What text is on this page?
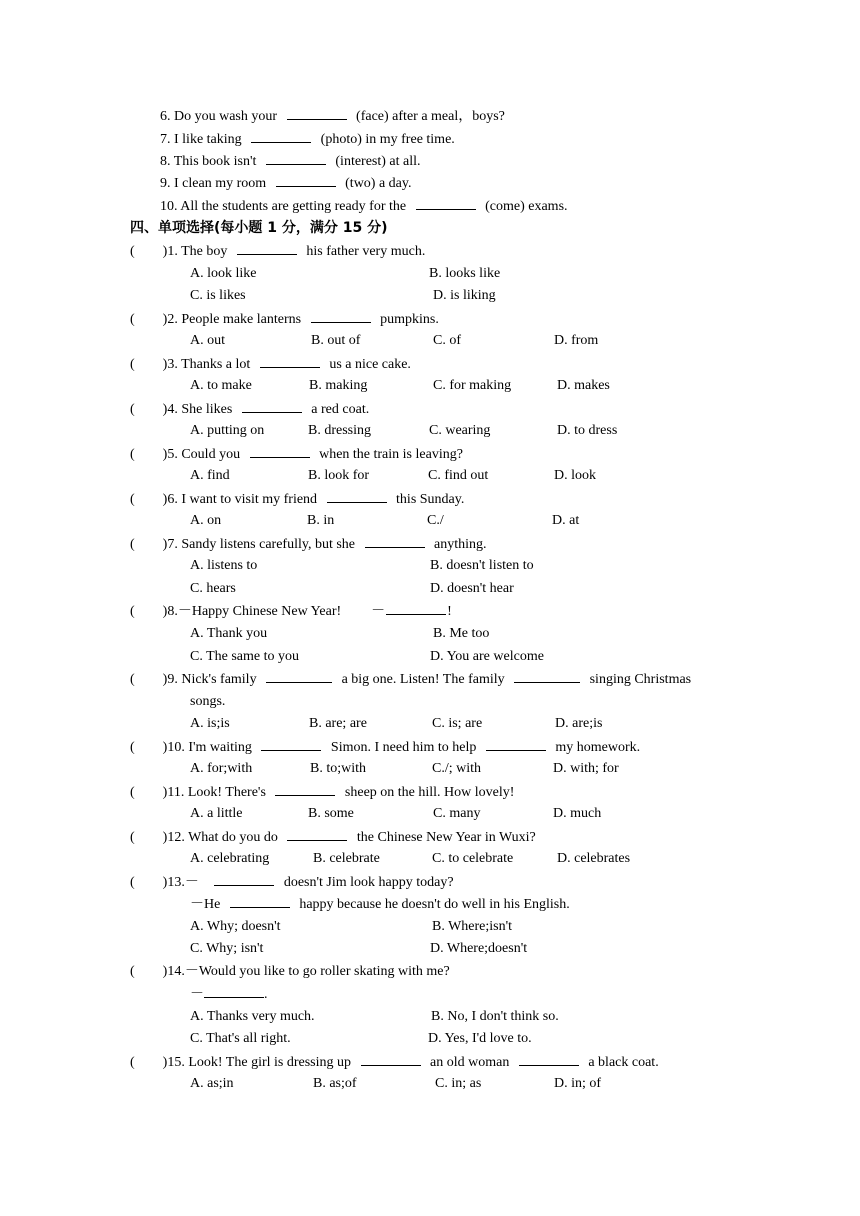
6. Do you wash your	(face) after a meal，boys?
7. I like taking	(photo) in my free time.
8. This book isn't	(interest) at all.
9. I clean my room	(two) a day.
10. All the students are getting ready for the	(come) exams.
四、单项选择(每小题 1 分，满分 15 分)
( )1. The boy	his father very much.
A. look like	B. looks like
C. is likes	D. is liking
( )2. People make lanterns	pumpkins.
A. out	B. out of	C. of	D. from
( )3. Thanks a lot	us a nice cake.
A. to make	B. making	C. for making	D. makes
( )4. She likes	a red coat.
A. putting on	B. dressing	C. wearing	D. to dress
( )5. Could you	when the train is leaving?
A. find	B. look for	C. find out	D. look
( )6. I want to visit my friend	this Sunday.
A. on	B. in	C./	D. at
( )7. Sandy listens carefully, but she	anything.
A. listens to	B. doesn't listen to
C. hears	D. doesn't hear
( )8.－Happy Chinese New Year! －	!
A. Thank you	B. Me too
C. The same to you	D. You are welcome
( )9. Nick's family	a big one. Listen! The family	singing Christmas
songs.
A. is;is	B. are; are	C. is; are	D. are;is
( )10. I'm waiting	Simon. I need him to help	my homework.
A. for;with	B. to;with	C./; with	D. with; for
( )11. Look! There's	sheep on the hill. How lovely!
A. a little	B. some	C. many	D. much
( )12. What do you do	the Chinese New Year in Wuxi?
A. celebrating	B. celebrate	C. to celebrate	D. celebrates
( )13.－	doesn't Jim look happy today?
－He	happy because he doesn't do well in his English.
A. Why; doesn't	B. Where;isn't
C. Why; isn't	D. Where;doesn't
( )14.－Would you like to go roller skating with me?
－	.
A. Thanks very much.	B. No, I don't think so.
C. That's all right.	D. Yes, I'd love to.
( )15. Look! The girl is dressing up	an old woman	a black coat.
A. as;in	B. as;of	C. in; as	D. in; of
